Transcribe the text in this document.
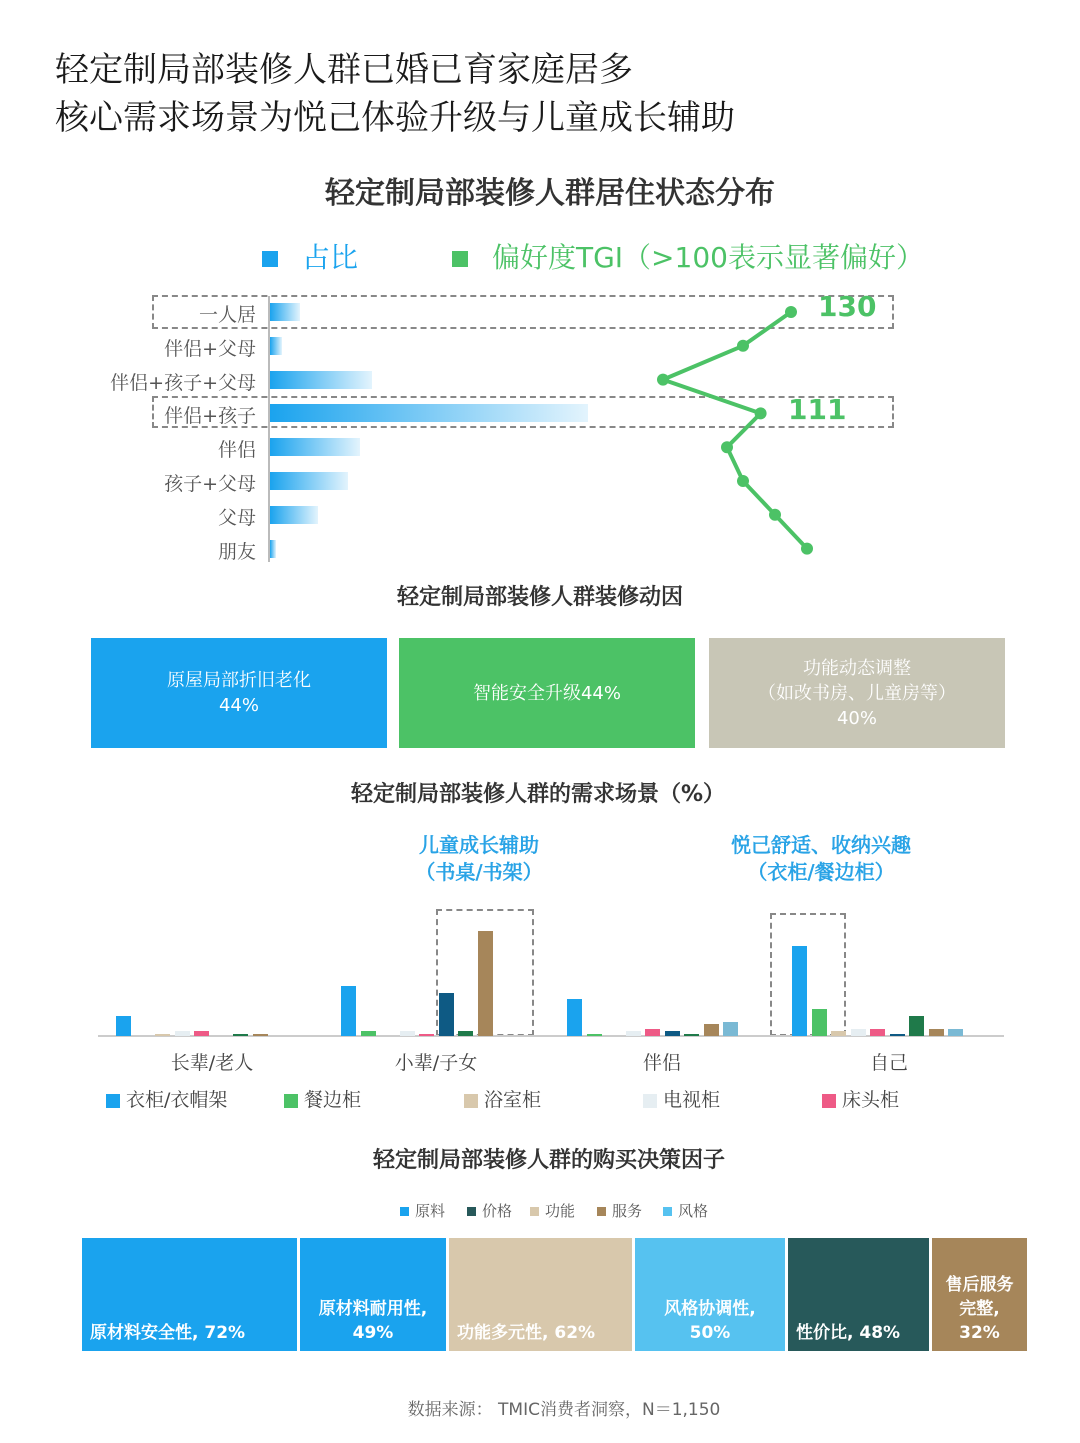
轻定制局部装修人群已婚已育家庭居多
核心需求场景为悦己体验升级与儿童成长辅助
轻定制局部装修人群居住状态分布
占比	偏好度TGI（>100表示显著偏好）
一人居
伴侣+父母
伴侣+孩子+父母
伴侣+孩子
伴侣
孩子+父母
父母
朋友
130
111
轻定制局部装修人群装修动因
原屋局部折旧老化
44%
智能安全升级44%
功能动态调整
（如改书房、儿童房等）
40%
轻定制局部装修人群的需求场景（%）
儿童成长辅助
（书桌/书架）
悦己舒适、收纳兴趣
（衣柜/餐边柜）
长辈/老人	小辈/子女	伴侣	自己
衣柜/衣帽架	餐边柜	浴室柜	电视柜	床头柜
轻定制局部装修人群的购买决策因子
原料	价格	功能	服务	风格
原材料安全性, 72%
原材料耐用性,
49%	功能多元性, 62%
风格协调性,
50%	性价比, 48%
售后服务
完整,
32%
数据来源： TMIC消费者洞察，N＝1,150
